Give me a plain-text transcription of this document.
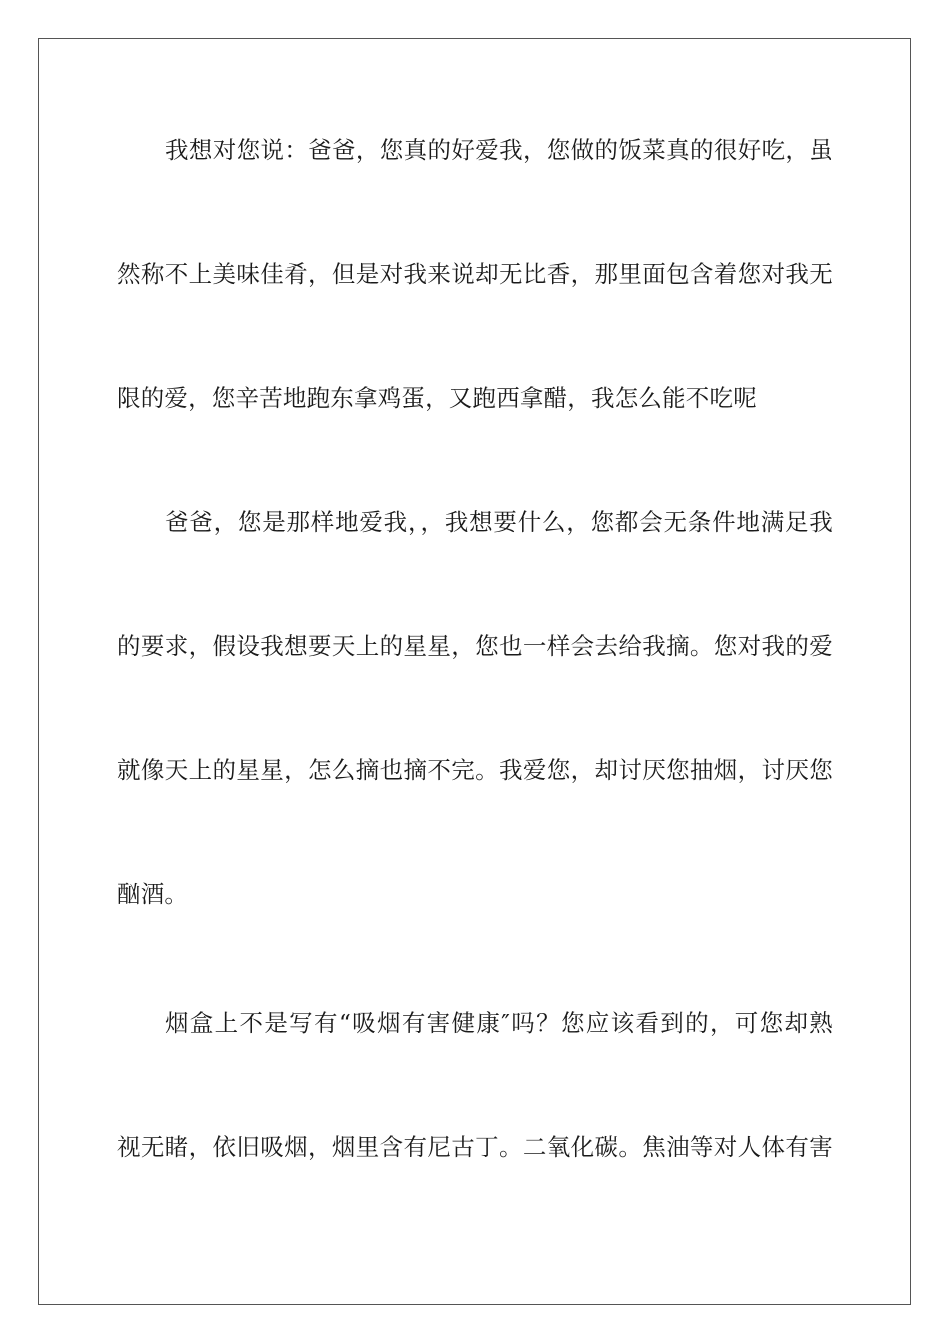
我想对您说：爸爸，您真的好爱我，您做的饭菜真的很好吃，虽

然称不上美味佳肴，但是对我来说却无比香，那里面包含着您对我无

限的爱，您辛苦地跑东拿鸡蛋，又跑西拿醋，我怎么能不吃呢

爸爸，您是那样地爱我，，我想要什么，您都会无条件地满足我

的要求，假设我想要天上的星星，您也一样会去给我摘。您对我的爱

就像天上的星星，怎么摘也摘不完。我爱您，却讨厌您抽烟，讨厌您

酗酒。

烟盒上不是写有“吸烟有害健康″吗？您应该看到的，可您却熟

视无睹，依旧吸烟，烟里含有尼古丁。二氧化碳。焦油等对人体有害
